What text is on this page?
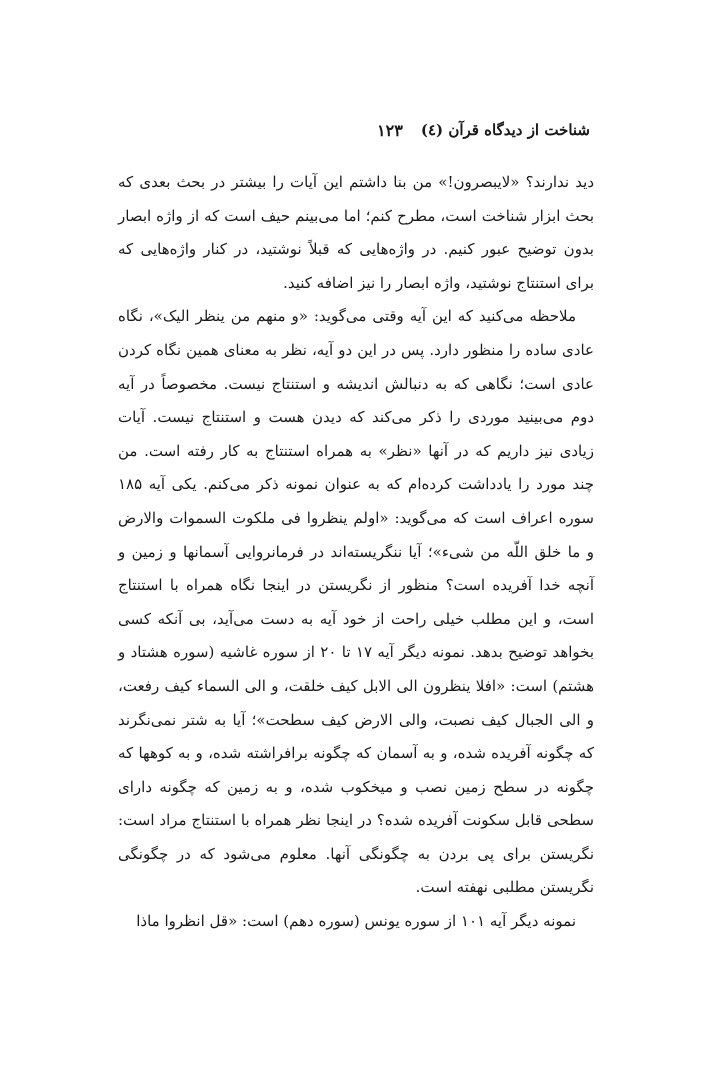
شناخت از دیدگاه قرآن (٤)
۱۲۳

دید ندارند؟ «لایبصرون!» من بنا داشتم این آیات را بیشتر در بحث بعدی که بحث ابزار شناخت است، مطرح کنم؛ اما می‌بینم حیف است که از واژه ابصار بدون توضیح عبور کنیم. در واژه‌هایی که قبلاً نوشتید، در کنار واژه‌هایی که برای استنتاج نوشتید، واژه ابصار را نیز اضافه کنید.

ملاحظه می‌کنید که این آیه وقتی می‌گوید: «و منهم من ینظر الیک»، نگاه عادی ساده را منظور دارد. پس در این دو آیه، نظر به معنای همین نگاه کردن عادی است؛ نگاهی که به دنبالش اندیشه و استنتاج نیست. مخصوصاً در آیه دوم می‌بینید موردی را ذکر می‌کند که دیدن هست و استنتاج نیست. آیات زیادی نیز داریم که در آنها «نظر» به همراه استنتاج به کار رفته است. من چند مورد را یادداشت کرده‌ام که به عنوان نمونه ذکر می‌کنم. یکی آیه ۱۸۵ سوره اعراف است که می‌گوید: «اولم ینظروا فی ملکوت السموات والارض و ما خلق اللّه من شیء»؛ آیا ننگریسته‌اند در فرمانروایی آسمانها و زمین و آنچه خدا آفریده است؟ منظور از نگریستن در اینجا نگاه همراه با استنتاج است، و این مطلب خیلی راحت از خود آیه به دست می‌آید، بی آنکه کسی بخواهد توضیح بدهد. نمونه دیگر آیه ۱۷ تا ۲۰ از سوره غاشیه (سوره هشتاد و هشتم) است: «افلا ینظرون الی الابل کیف خلقت، و الی السماء کیف رفعت، و الی الجبال کیف نصبت، والی الارض کیف سطحت»؛ آیا به شتر نمی‌نگرند که چگونه آفریده شده، و به آسمان که چگونه برافراشته شده، و به کوهها که چگونه در سطح زمین نصب و میخکوب شده، و به زمین که چگونه دارای سطحی قابل سکونت آفریده شده؟ در اینجا نظر همراه با استنتاج مراد است: نگریستن برای پی بردن به چگونگی آنها. معلوم می‌شود که در چگونگی نگریستن مطلبی نهفته است.

نمونه دیگر آیه ۱۰۱ از سوره یونس (سوره دهم) است: «قل انظروا ماذا
